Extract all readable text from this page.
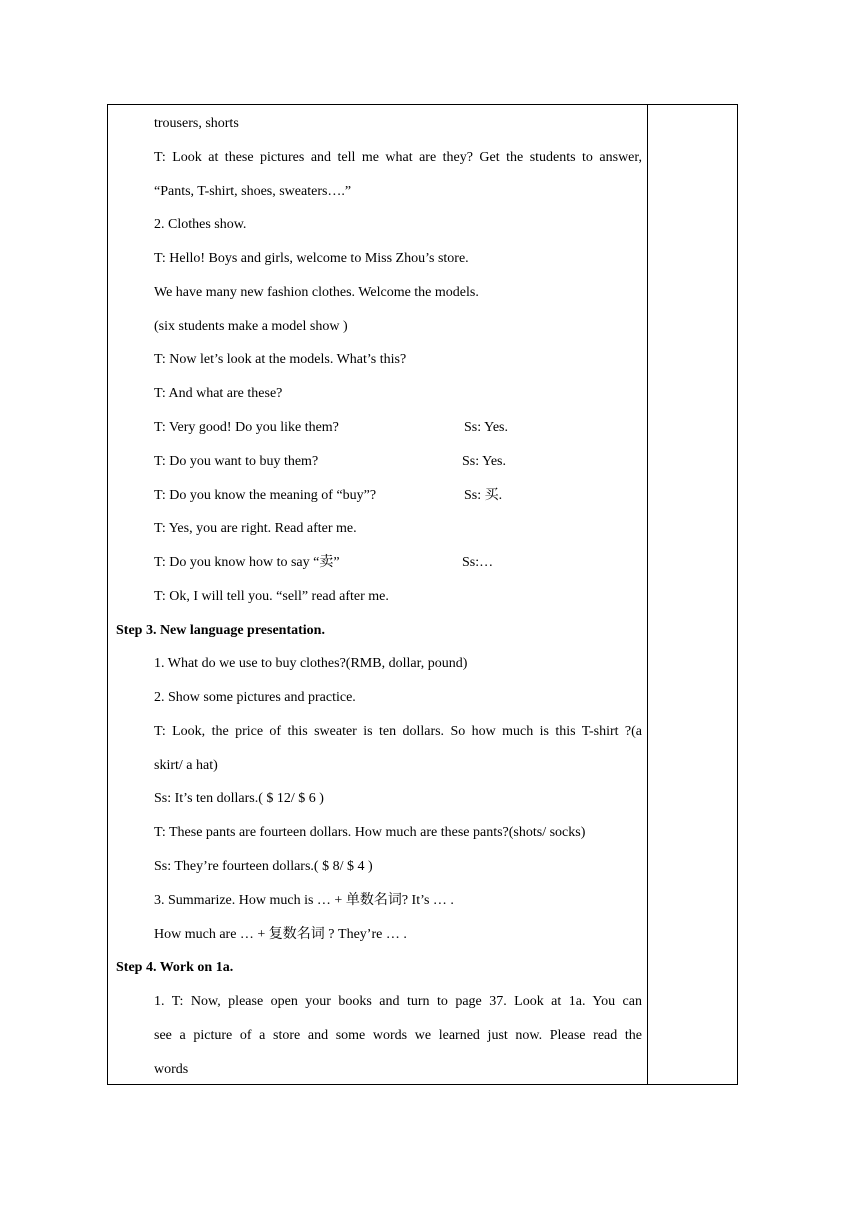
trousers, shorts
T: Look at these pictures and tell me what are they? Get the students to answer,
“Pants, T-shirt, shoes, sweaters….”
2. Clothes show.
T: Hello! Boys and girls, welcome to Miss Zhou’s store.
We have many new fashion clothes. Welcome the models.
(six students make a model show )
T: Now let’s look at the models. What’s this?
T: And what are these?
T: Very good! Do you like them?	Ss: Yes.
T: Do you want to buy them?	Ss: Yes.
T: Do you know the meaning of “buy”?	Ss: 买.
T: Yes, you are right. Read after me.
T: Do you know how to say “卖”	Ss:…
T: Ok, I will tell you. “sell” read after me.
Step 3. New language presentation.
1. What do we use to buy clothes?(RMB, dollar, pound)
2. Show some pictures and practice.
T: Look, the price of this sweater is ten dollars. So how much is this T-shirt ?(a
skirt/ a hat)
Ss: It’s ten dollars.( $ 12/ $ 6 )
T: These pants are fourteen dollars. How much are these pants?(shots/ socks)
Ss: They’re fourteen dollars.( $ 8/ $ 4 )
3. Summarize. How much is … + 单数名词? It’s … .
How much are … + 复数名词 ? They’re … .
Step 4. Work on 1a.
1. T: Now, please open your books and turn to page 37. Look at 1a. You can
see a picture of a store and some words we learned just now. Please read the
words
